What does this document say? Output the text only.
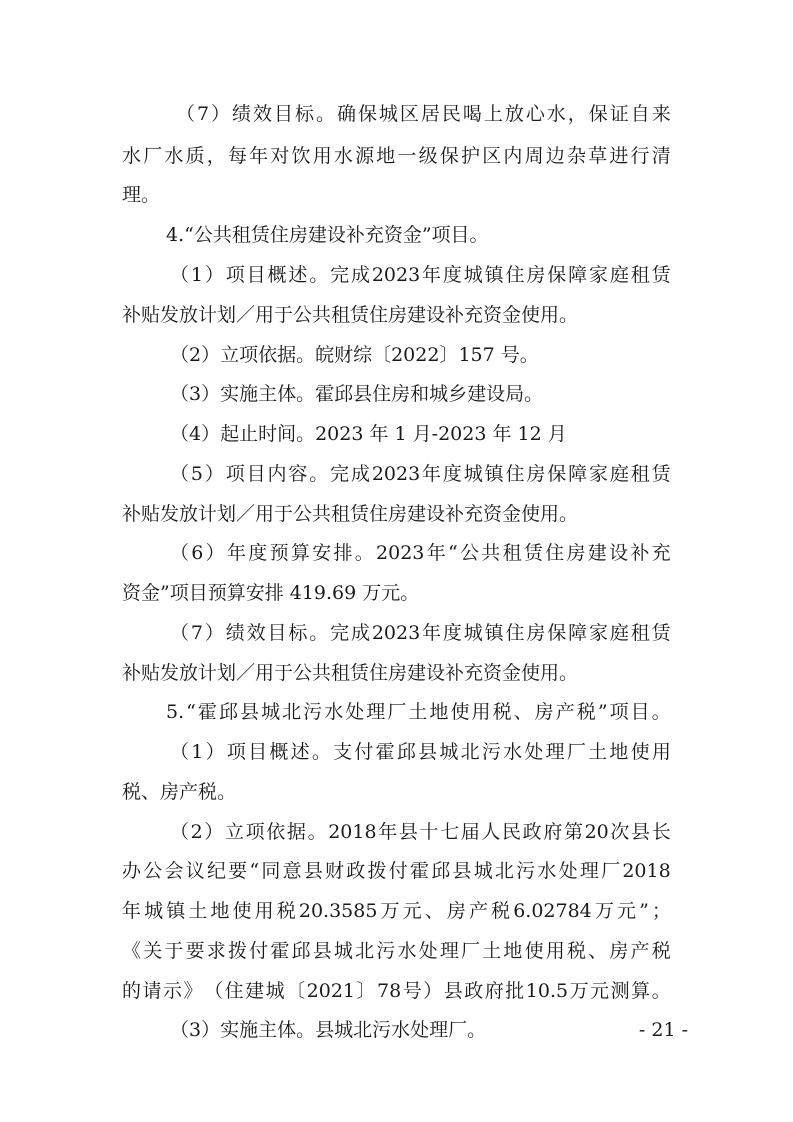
（ 7 ） 绩 效 目 标 。 确 保 城 区 居 民 喝 上 放 心 水 ， 保 证 自 来
水 厂 水 质 ， 每 年 对 饮 用 水 源 地 一 级 保 护 区 内 周 边 杂 草 进 行 清
理。
4.“公共租赁住房建设补充资金”项目。
（ 1 ） 项 目 概 述 。 完 成 2023 年 度 城 镇 住 房 保 障 家 庭 租 赁
补贴发放计划／用于公共租赁住房建设补充资金使用。
（2）立项依据。皖财综〔2022〕157 号。
（3）实施主体。霍邱县住房和城乡建设局。
（4）起止时间。2023 年 1 月-2023 年 12 月
（ 5 ） 项 目 内 容 。 完 成 2023 年 度 城 镇 住 房 保 障 家 庭 租 赁
补贴发放计划／用于公共租赁住房建设补充资金使用。
（ 6 ） 年 度 预 算 安 排 。 2023 年 “ 公 共 租 赁 住 房 建 设 补 充
资金”项目预算安排 419.69 万元。
（ 7 ） 绩 效 目 标 。 完 成 2023 年 度 城 镇 住 房 保 障 家 庭 租 赁
补贴发放计划／用于公共租赁住房建设补充资金使用。
5. “ 霍 邱 县 城 北 污 水 处 理 厂 土 地 使 用 税 、 房 产 税 ” 项 目 。
（ 1 ） 项 目 概 述 。 支 付 霍 邱 县 城 北 污 水 处 理 厂 土 地 使 用
税、房产税。
（ 2 ） 立 项 依 据 。 2018 年 县 十 七 届 人 民 政 府 第 20 次 县 长
办 公 会 议 纪 要 “ 同 意 县 财 政 拨 付 霍 邱 县 城 北 污 水 处 理 厂 2018
年 城 镇 土 地 使 用 税 20.3585 万 元 、 房 产 税 6.02784 万 元 ” ；
《 关 于 要 求 拨 付 霍 邱 县 城 北 污 水 处 理 厂 土 地 使 用 税 、 房 产 税
的 请 示 》 （ 住 建 城 〔 2021 〕 78 号 ） 县 政 府 批 10.5 万 元 测 算 。
（3）实施主体。县城北污水处理厂。	- 21 -
